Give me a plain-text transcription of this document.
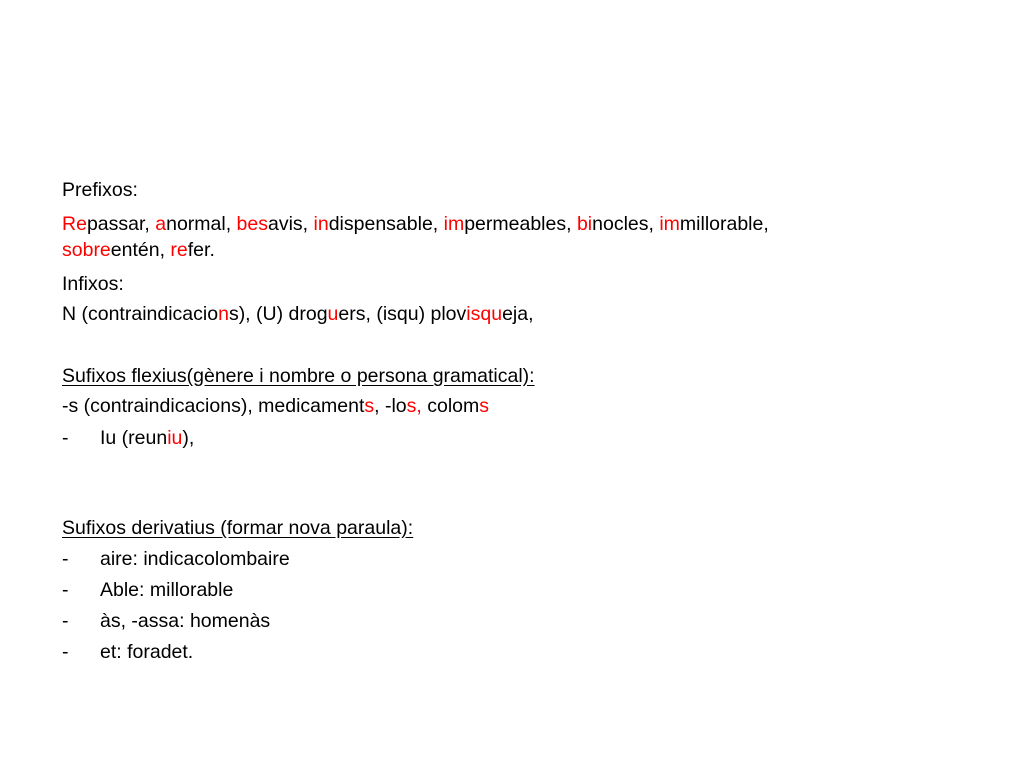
Prefixos:
Repassar, anormal, besavis, indispensable, impermeables, binocles, immillorable,
sobreentén, refer.
Infixos:
N (contraindicacions), (U) droguers, (isqu) plovisqueja,
Sufixos flexius(gènere i nombre o persona gramatical):
-s (contraindicacions), medicaments, -los, coloms
- Iu (reuniu),
Sufixos derivatius (formar nova paraula):
- aire: indicacolombaire
- Able: millorable
- às, -assa: homenàs
- et: foradet.
